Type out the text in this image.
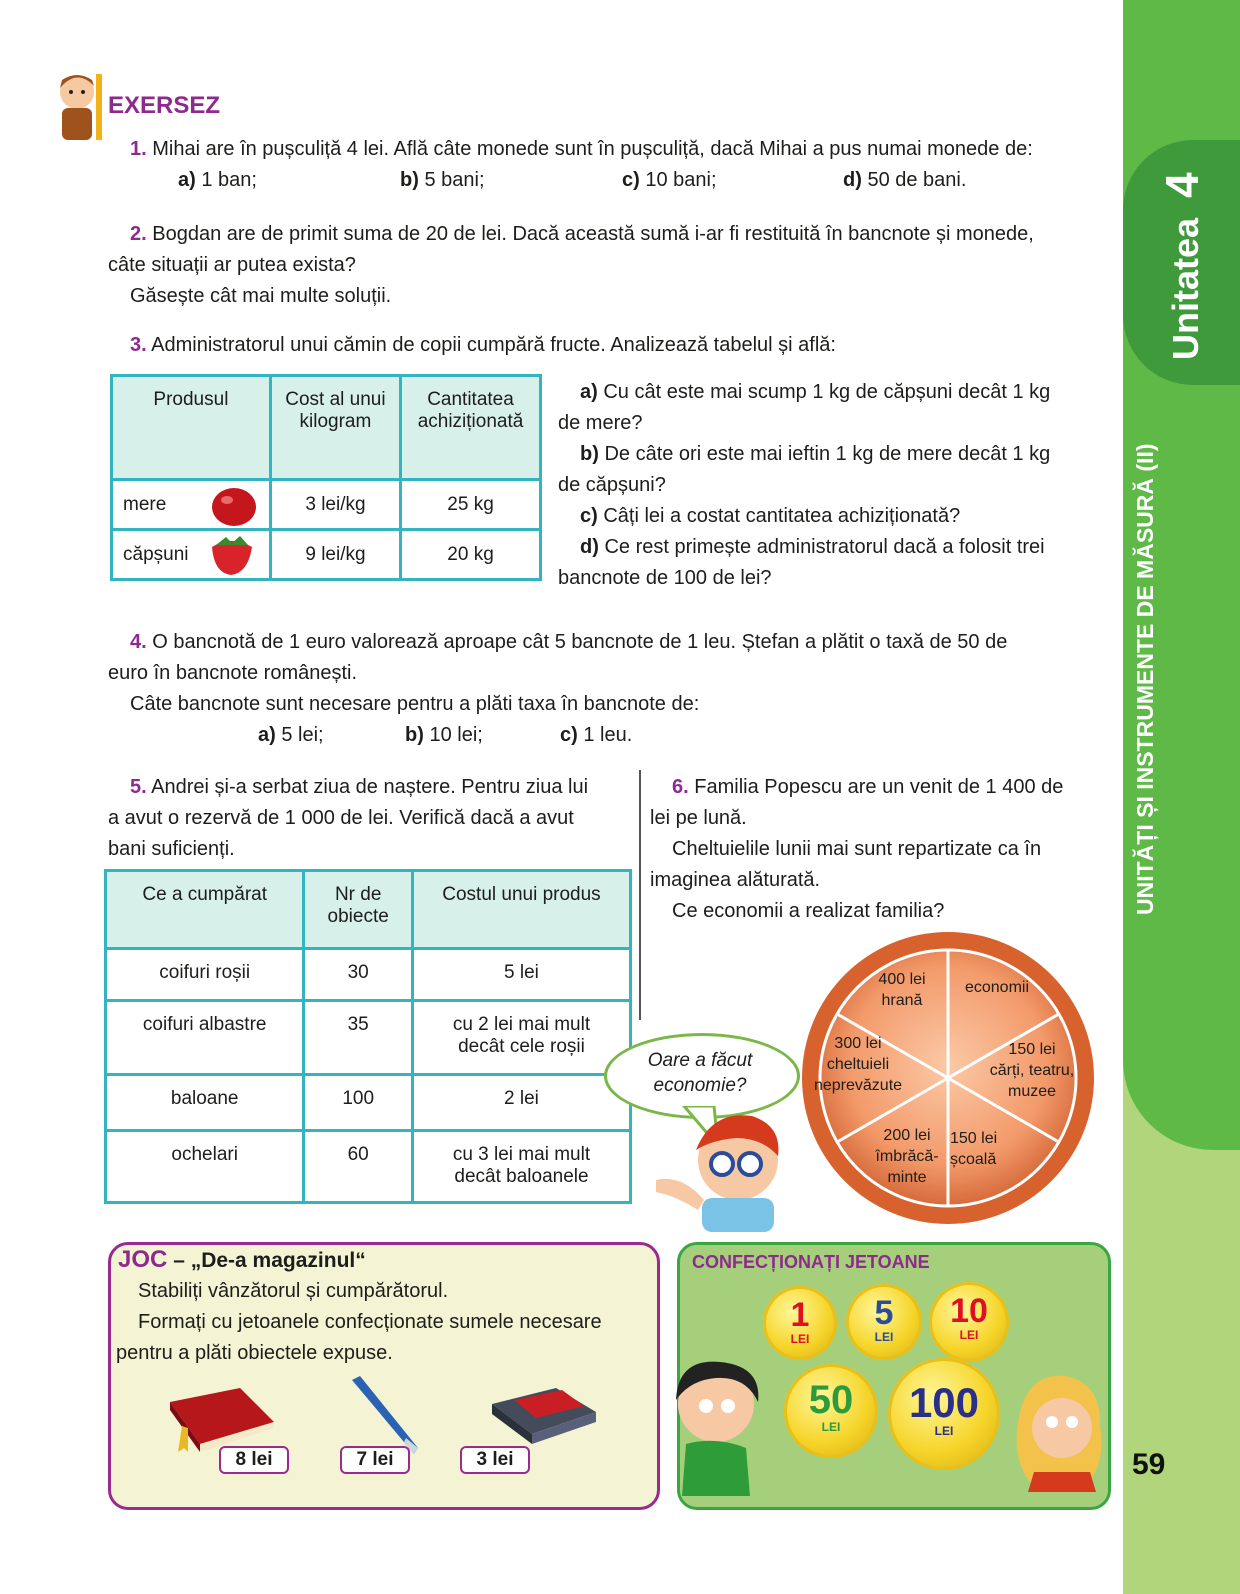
Unitatea  4
UNITĂȚI ȘI INSTRUMENTE DE MĂSURĂ (II)
59
EXERSEZ
1. Mihai are în pușculiță 4 lei. Află câte monede sunt în pușculiță, dacă Mihai a pus numai monede de:
a) 1 ban;	b) 5 bani;	c) 10 bani;	d) 50 de bani.
2. Bogdan are de primit suma de 20 de lei. Dacă această sumă i-ar fi restituită în bancnote și monede,
câte situații ar putea exista?
Găsește cât mai multe soluții.
3. Administratorul unui cămin de copii cumpără fructe. Analizează tabelul și află:
Produsul	Cost al unui kilogram	Cantitatea achiziționată
mere	3 lei/kg	25 kg
căpșuni	9 lei/kg	20 kg
a) Cu cât este mai scump 1 kg de căpșuni decât 1 kg
de mere?
b) De câte ori este mai ieftin 1 kg de mere decât 1 kg
de căpșuni?
c) Câți lei a costat cantitatea achiziționată?
d) Ce rest primește administratorul dacă a folosit trei
bancnote de 100 de lei?
4. O bancnotă de 1 euro valorează aproape cât 5 bancnote de 1 leu. Ștefan a plătit o taxă de 50 de
euro în bancnote românești.
Câte bancnote sunt necesare pentru a plăti taxa în bancnote de:
a) 5 lei;	b) 10 lei;	c) 1 leu.
5. Andrei și-a serbat ziua de naștere. Pentru ziua lui
a avut o rezervă de 1 000 de lei. Verifică dacă a avut
bani suficienți.
Ce a cumpărat	Nr de obiecte	Costul unui produs
coifuri roșii	30	5 lei
coifuri albastre	35	cu 2 lei mai mult decât cele roșii
baloane	100	2 lei
ochelari	60	cu 3 lei mai mult decât baloanele
6. Familia Popescu are un venit de 1 400 de
lei pe lună.
Cheltuielile lunii mai sunt repartizate ca în
imaginea alăturată.
Ce economii a realizat familia?
400 lei
hrană
economii
150 lei
cărți, teatru,
muzee
150 lei
școală
200 lei
îmbrăcă-
minte
300 lei
cheltuieli
neprevăzute
Oare a făcut economie?
JOC – „De-a magazinul“
Stabiliți vânzătorul și cumpărătorul.
Formați cu jetoanele confecționate sumele necesare
pentru a plăti obiectele expuse.
8 lei	7 lei	3 lei
CONFECȚIONAȚI JETOANE
1
LEI
5
LEI
10
LEI
50
LEI
100
LEI
